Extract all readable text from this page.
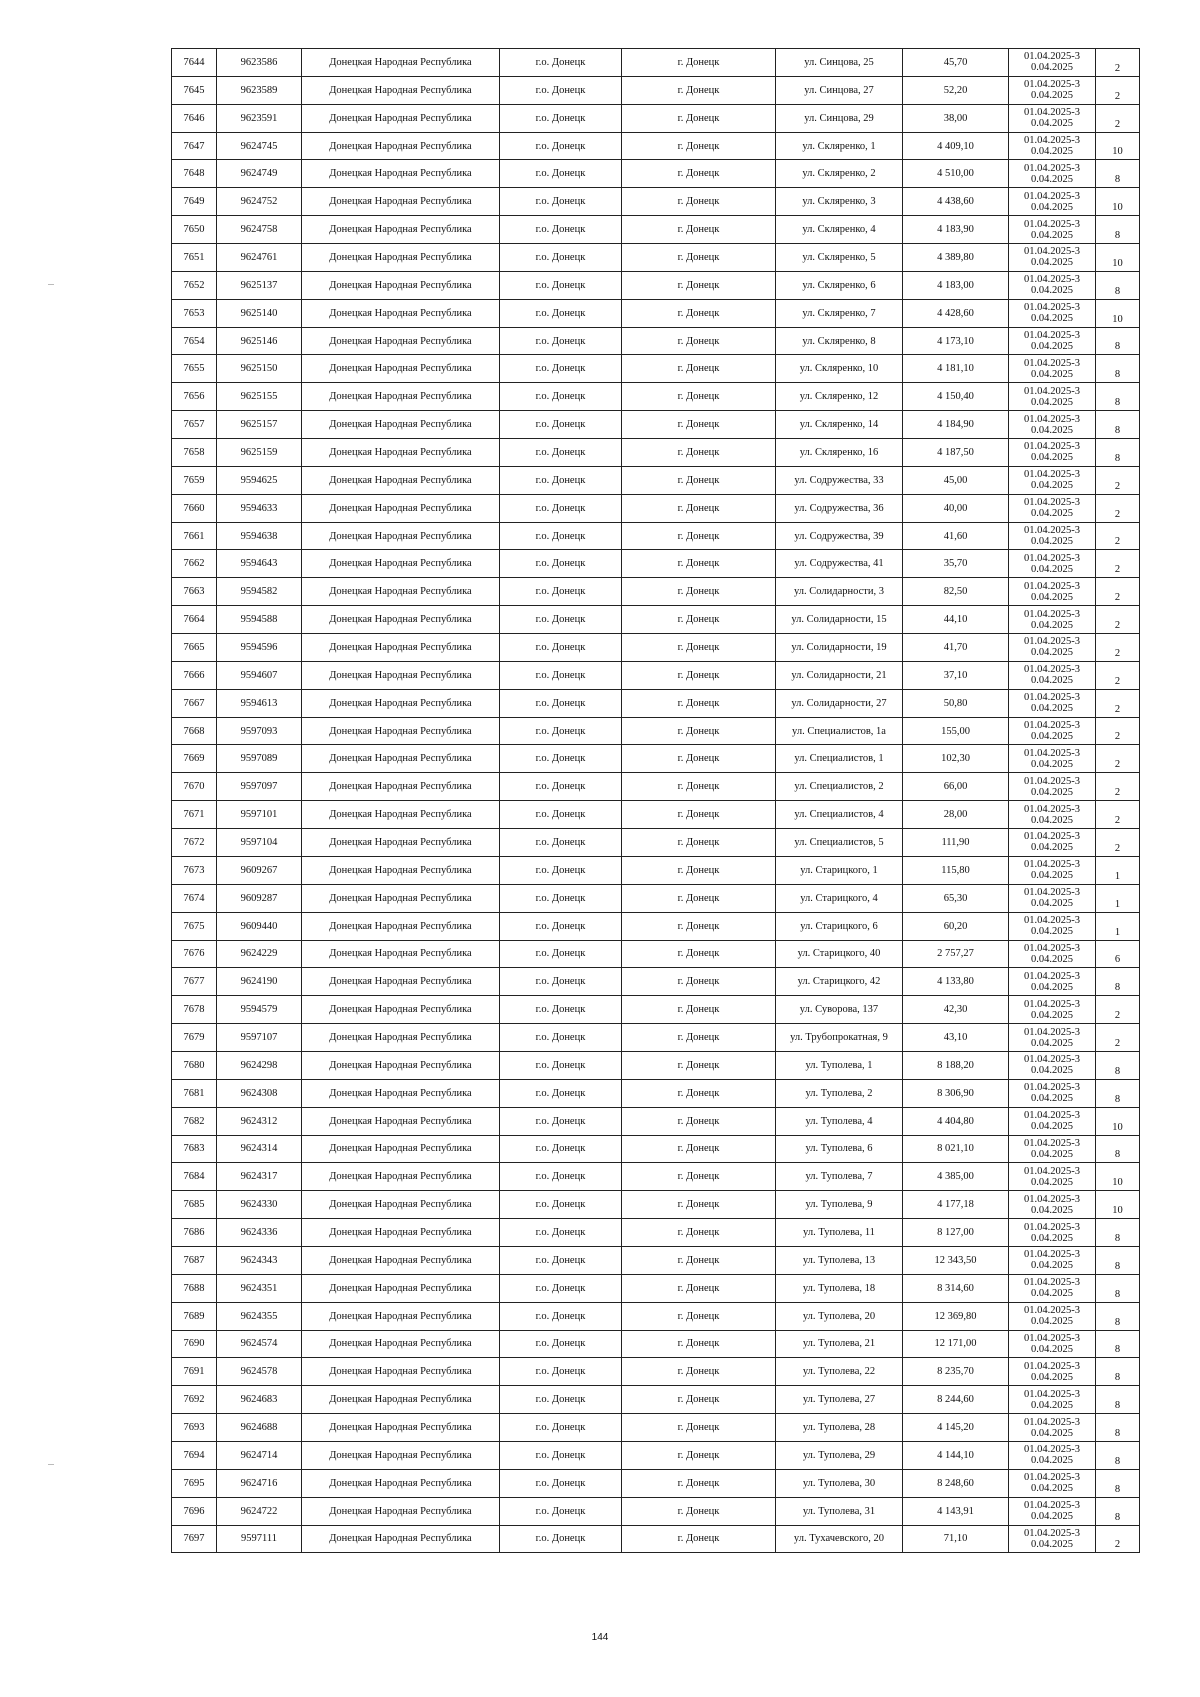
7644	9623586	Донецкая Народная Республика	г.о. Донецк	г. Донецк	ул. Синцова, 25	45,70	01.04.2025-30.04.2025	2
7645	9623589	Донецкая Народная Республика	г.о. Донецк	г. Донецк	ул. Синцова, 27	52,20	01.04.2025-30.04.2025	2
7646	9623591	Донецкая Народная Республика	г.о. Донецк	г. Донецк	ул. Синцова, 29	38,00	01.04.2025-30.04.2025	2
7647	9624745	Донецкая Народная Республика	г.о. Донецк	г. Донецк	ул. Скляренко, 1	4 409,10	01.04.2025-30.04.2025	10
7648	9624749	Донецкая Народная Республика	г.о. Донецк	г. Донецк	ул. Скляренко, 2	4 510,00	01.04.2025-30.04.2025	8
7649	9624752	Донецкая Народная Республика	г.о. Донецк	г. Донецк	ул. Скляренко, 3	4 438,60	01.04.2025-30.04.2025	10
7650	9624758	Донецкая Народная Республика	г.о. Донецк	г. Донецк	ул. Скляренко, 4	4 183,90	01.04.2025-30.04.2025	8
7651	9624761	Донецкая Народная Республика	г.о. Донецк	г. Донецк	ул. Скляренко, 5	4 389,80	01.04.2025-30.04.2025	10
7652	9625137	Донецкая Народная Республика	г.о. Донецк	г. Донецк	ул. Скляренко, 6	4 183,00	01.04.2025-30.04.2025	8
7653	9625140	Донецкая Народная Республика	г.о. Донецк	г. Донецк	ул. Скляренко, 7	4 428,60	01.04.2025-30.04.2025	10
7654	9625146	Донецкая Народная Республика	г.о. Донецк	г. Донецк	ул. Скляренко, 8	4 173,10	01.04.2025-30.04.2025	8
7655	9625150	Донецкая Народная Республика	г.о. Донецк	г. Донецк	ул. Скляренко, 10	4 181,10	01.04.2025-30.04.2025	8
7656	9625155	Донецкая Народная Республика	г.о. Донецк	г. Донецк	ул. Скляренко, 12	4 150,40	01.04.2025-30.04.2025	8
7657	9625157	Донецкая Народная Республика	г.о. Донецк	г. Донецк	ул. Скляренко, 14	4 184,90	01.04.2025-30.04.2025	8
7658	9625159	Донецкая Народная Республика	г.о. Донецк	г. Донецк	ул. Скляренко, 16	4 187,50	01.04.2025-30.04.2025	8
7659	9594625	Донецкая Народная Республика	г.о. Донецк	г. Донецк	ул. Содружества, 33	45,00	01.04.2025-30.04.2025	2
7660	9594633	Донецкая Народная Республика	г.о. Донецк	г. Донецк	ул. Содружества, 36	40,00	01.04.2025-30.04.2025	2
7661	9594638	Донецкая Народная Республика	г.о. Донецк	г. Донецк	ул. Содружества, 39	41,60	01.04.2025-30.04.2025	2
7662	9594643	Донецкая Народная Республика	г.о. Донецк	г. Донецк	ул. Содружества, 41	35,70	01.04.2025-30.04.2025	2
7663	9594582	Донецкая Народная Республика	г.о. Донецк	г. Донецк	ул. Солидарности, 3	82,50	01.04.2025-30.04.2025	2
7664	9594588	Донецкая Народная Республика	г.о. Донецк	г. Донецк	ул. Солидарности, 15	44,10	01.04.2025-30.04.2025	2
7665	9594596	Донецкая Народная Республика	г.о. Донецк	г. Донецк	ул. Солидарности, 19	41,70	01.04.2025-30.04.2025	2
7666	9594607	Донецкая Народная Республика	г.о. Донецк	г. Донецк	ул. Солидарности, 21	37,10	01.04.2025-30.04.2025	2
7667	9594613	Донецкая Народная Республика	г.о. Донецк	г. Донецк	ул. Солидарности, 27	50,80	01.04.2025-30.04.2025	2
7668	9597093	Донецкая Народная Республика	г.о. Донецк	г. Донецк	ул. Специалистов, 1а	155,00	01.04.2025-30.04.2025	2
7669	9597089	Донецкая Народная Республика	г.о. Донецк	г. Донецк	ул. Специалистов, 1	102,30	01.04.2025-30.04.2025	2
7670	9597097	Донецкая Народная Республика	г.о. Донецк	г. Донецк	ул. Специалистов, 2	66,00	01.04.2025-30.04.2025	2
7671	9597101	Донецкая Народная Республика	г.о. Донецк	г. Донецк	ул. Специалистов, 4	28,00	01.04.2025-30.04.2025	2
7672	9597104	Донецкая Народная Республика	г.о. Донецк	г. Донецк	ул. Специалистов, 5	111,90	01.04.2025-30.04.2025	2
7673	9609267	Донецкая Народная Республика	г.о. Донецк	г. Донецк	ул. Старицкого, 1	115,80	01.04.2025-30.04.2025	1
7674	9609287	Донецкая Народная Республика	г.о. Донецк	г. Донецк	ул. Старицкого, 4	65,30	01.04.2025-30.04.2025	1
7675	9609440	Донецкая Народная Республика	г.о. Донецк	г. Донецк	ул. Старицкого, 6	60,20	01.04.2025-30.04.2025	1
7676	9624229	Донецкая Народная Республика	г.о. Донецк	г. Донецк	ул. Старицкого, 40	2 757,27	01.04.2025-30.04.2025	6
7677	9624190	Донецкая Народная Республика	г.о. Донецк	г. Донецк	ул. Старицкого, 42	4 133,80	01.04.2025-30.04.2025	8
7678	9594579	Донецкая Народная Республика	г.о. Донецк	г. Донецк	ул. Суворова, 137	42,30	01.04.2025-30.04.2025	2
7679	9597107	Донецкая Народная Республика	г.о. Донецк	г. Донецк	ул. Трубопрокатная, 9	43,10	01.04.2025-30.04.2025	2
7680	9624298	Донецкая Народная Республика	г.о. Донецк	г. Донецк	ул. Туполева, 1	8 188,20	01.04.2025-30.04.2025	8
7681	9624308	Донецкая Народная Республика	г.о. Донецк	г. Донецк	ул. Туполева, 2	8 306,90	01.04.2025-30.04.2025	8
7682	9624312	Донецкая Народная Республика	г.о. Донецк	г. Донецк	ул. Туполева, 4	4 404,80	01.04.2025-30.04.2025	10
7683	9624314	Донецкая Народная Республика	г.о. Донецк	г. Донецк	ул. Туполева, 6	8 021,10	01.04.2025-30.04.2025	8
7684	9624317	Донецкая Народная Республика	г.о. Донецк	г. Донецк	ул. Туполева, 7	4 385,00	01.04.2025-30.04.2025	10
7685	9624330	Донецкая Народная Республика	г.о. Донецк	г. Донецк	ул. Туполева, 9	4 177,18	01.04.2025-30.04.2025	10
7686	9624336	Донецкая Народная Республика	г.о. Донецк	г. Донецк	ул. Туполева, 11	8 127,00	01.04.2025-30.04.2025	8
7687	9624343	Донецкая Народная Республика	г.о. Донецк	г. Донецк	ул. Туполева, 13	12 343,50	01.04.2025-30.04.2025	8
7688	9624351	Донецкая Народная Республика	г.о. Донецк	г. Донецк	ул. Туполева, 18	8 314,60	01.04.2025-30.04.2025	8
7689	9624355	Донецкая Народная Республика	г.о. Донецк	г. Донецк	ул. Туполева, 20	12 369,80	01.04.2025-30.04.2025	8
7690	9624574	Донецкая Народная Республика	г.о. Донецк	г. Донецк	ул. Туполева, 21	12 171,00	01.04.2025-30.04.2025	8
7691	9624578	Донецкая Народная Республика	г.о. Донецк	г. Донецк	ул. Туполева, 22	8 235,70	01.04.2025-30.04.2025	8
7692	9624683	Донецкая Народная Республика	г.о. Донецк	г. Донецк	ул. Туполева, 27	8 244,60	01.04.2025-30.04.2025	8
7693	9624688	Донецкая Народная Республика	г.о. Донецк	г. Донецк	ул. Туполева, 28	4 145,20	01.04.2025-30.04.2025	8
7694	9624714	Донецкая Народная Республика	г.о. Донецк	г. Донецк	ул. Туполева, 29	4 144,10	01.04.2025-30.04.2025	8
7695	9624716	Донецкая Народная Республика	г.о. Донецк	г. Донецк	ул. Туполева, 30	8 248,60	01.04.2025-30.04.2025	8
7696	9624722	Донецкая Народная Республика	г.о. Донецк	г. Донецк	ул. Туполева, 31	4 143,91	01.04.2025-30.04.2025	8
7697	9597111	Донецкая Народная Республика	г.о. Донецк	г. Донецк	ул. Тухачевского, 20	71,10	01.04.2025-30.04.2025	2
144
